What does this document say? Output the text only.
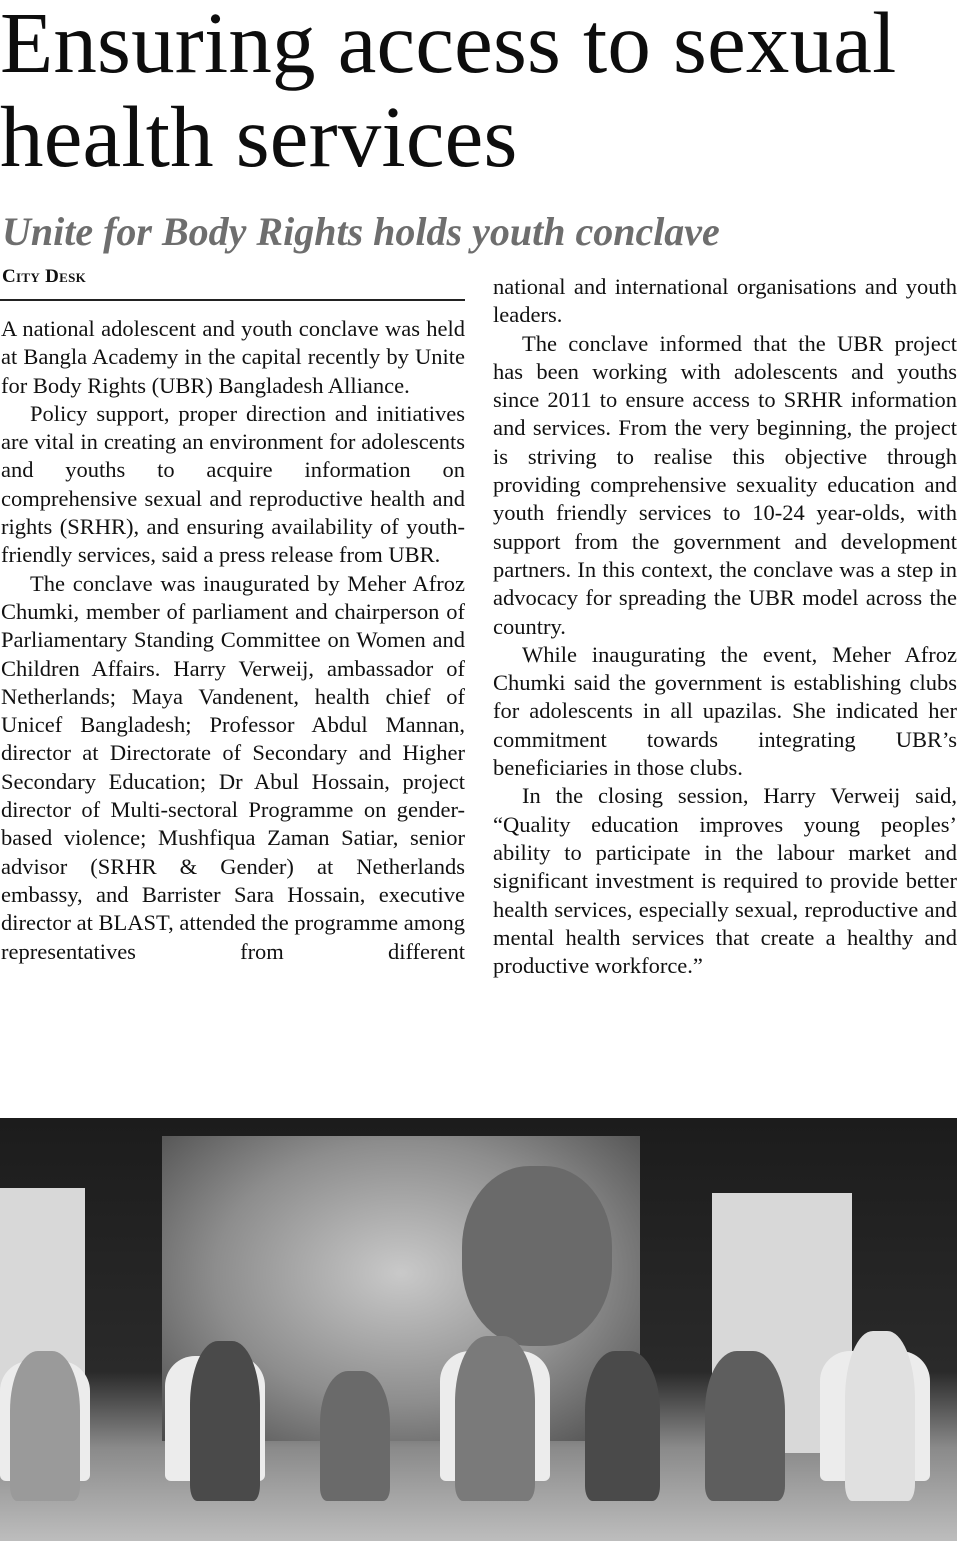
Ensuring access to sexual
health services
Unite for Body Rights holds youth conclave
City Desk

A national adolescent and youth conclave was held at Bangla Academy in the capital recently by Unite for Body Rights (UBR) Bangladesh Alliance.

Policy support, proper direction and initiatives are vital in creating an environment for adolescents and youths to acquire information on comprehensive sexual and reproductive health and rights (SRHR), and ensuring availability of youth-friendly services, said a press release from UBR.

The conclave was inaugurated by Meher Afroz Chumki, member of parliament and chairperson of Parliamentary Standing Committee on Women and Children Affairs. Harry Verweij, ambassador of Netherlands; Maya Vandenent, health chief of Unicef Bangladesh; Professor Abdul Mannan, director at Directorate of Secondary and Higher Secondary Education; Dr Abul Hossain, project director of Multi-sectoral Programme on gender-based violence; Mushfiqua Zaman Satiar, senior advisor (SRHR & Gender) at Netherlands embassy, and Barrister Sara Hossain, executive director at BLAST, attended the programme among representatives from different

national and international organisations and youth leaders.

The conclave informed that the UBR project has been working with adolescents and youths since 2011 to ensure access to SRHR information and services. From the very beginning, the project is striving to realise this objective through providing comprehensive sexuality education and youth friendly services to 10-24 year-olds, with support from the government and development partners. In this context, the conclave was a step in advocacy for spreading the UBR model across the country.

While inaugurating the event, Meher Afroz Chumki said the government is establishing clubs for adolescents in all upazilas. She indicated her commitment towards integrating UBR’s beneficiaries in those clubs.

In the closing session, Harry Verweij said, “Quality education improves young peoples’ ability to participate in the labour market and significant investment is required to provide better health services, especially sexual, reproductive and mental health services that create a healthy and productive workforce.”
